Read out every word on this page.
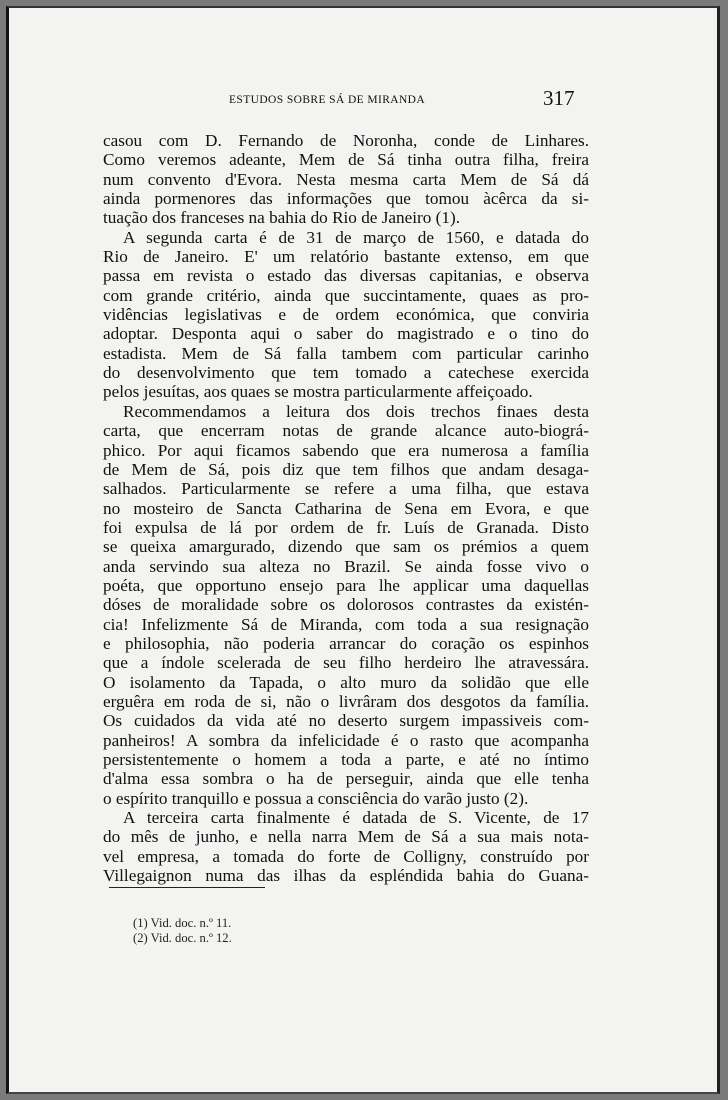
ESTUDOS SOBRE SÁ DE MIRANDA	317
casou com D. Fernando de Noronha, conde de Linhares.
Como veremos adeante, Mem de Sá tinha outra filha, freira
num convento d'Evora. Nesta mesma carta Mem de Sá dá
ainda pormenores das informações que tomou àcêrca da si-
tuação dos franceses na bahia do Rio de Janeiro (1).
A segunda carta é de 31 de março de 1560, e datada do
Rio de Janeiro. E' um relatório bastante extenso, em que
passa em revista o estado das diversas capitanias, e observa
com grande critério, ainda que succintamente, quaes as pro-
vidências legislativas e de ordem económica, que conviria
adoptar. Desponta aqui o saber do magistrado e o tino do
estadista. Mem de Sá falla tambem com particular carinho
do desenvolvimento que tem tomado a catechese exercida
pelos jesuítas, aos quaes se mostra particularmente affeiçoado.
Recommendamos a leitura dos dois trechos finaes desta
carta, que encerram notas de grande alcance auto-biográ-
phico. Por aqui ficamos sabendo que era numerosa a família
de Mem de Sá, pois diz que tem filhos que andam desaga-
salhados. Particularmente se refere a uma filha, que estava
no mosteiro de Sancta Catharina de Sena em Evora, e que
foi expulsa de lá por ordem de fr. Luís de Granada. Disto
se queixa amargurado, dizendo que sam os prémios a quem
anda servindo sua alteza no Brazil. Se ainda fosse vivo o
poéta, que opportuno ensejo para lhe applicar uma daquellas
dóses de moralidade sobre os dolorosos contrastes da existén-
cia! Infelizmente Sá de Miranda, com toda a sua resignação
e philosophia, não poderia arrancar do coração os espinhos
que a índole scelerada de seu filho herdeiro lhe atravessára.
O isolamento da Tapada, o alto muro da solidão que elle
erguêra em roda de si, não o livrâram dos desgotos da família.
Os cuidados da vida até no deserto surgem impassiveis com-
panheiros! A sombra da infelicidade é o rasto que acompanha
persistentemente o homem a toda a parte, e até no íntimo
d'alma essa sombra o ha de perseguir, ainda que elle tenha
o espírito tranquillo e possua a consciência do varão justo (2).
A terceira carta finalmente é datada de S. Vicente, de 17
do mês de junho, e nella narra Mem de Sá a sua mais nota-
vel empresa, a tomada do forte de Colligny, construído por
Villegaignon numa das ilhas da espléndida bahia do Guana-
(1) Vid. doc. n.º 11.
(2) Vid. doc. n.º 12.
